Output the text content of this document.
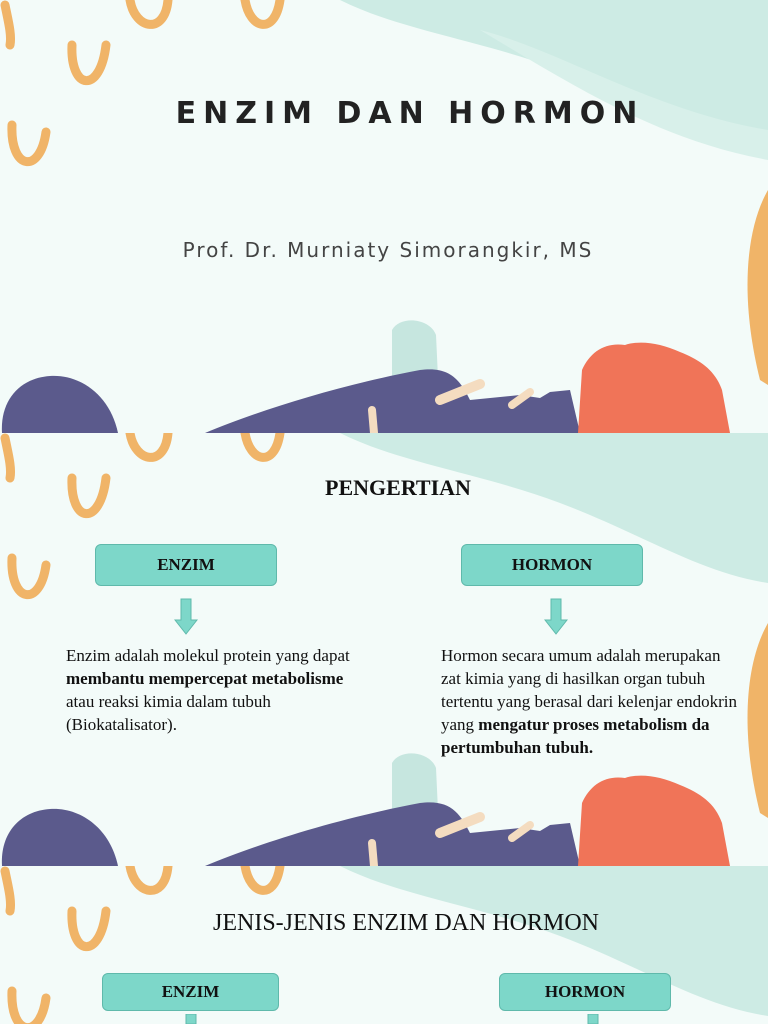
ENZIM DAN HORMON
Prof. Dr. Murniaty Simorangkir, MS
PENGERTIAN
ENZIM	HORMON
Enzim adalah molekul protein yang dapat membantu mempercepat metabolisme atau reaksi kimia dalam tubuh (Biokatalisator).
Hormon secara umum adalah merupakan zat kimia yang di hasilkan organ tubuh tertentu yang berasal dari kelenjar endokrin yang mengatur proses metabolism da pertumbuhan tubuh.
JENIS-JENIS ENZIM DAN HORMON
ENZIM	HORMON
